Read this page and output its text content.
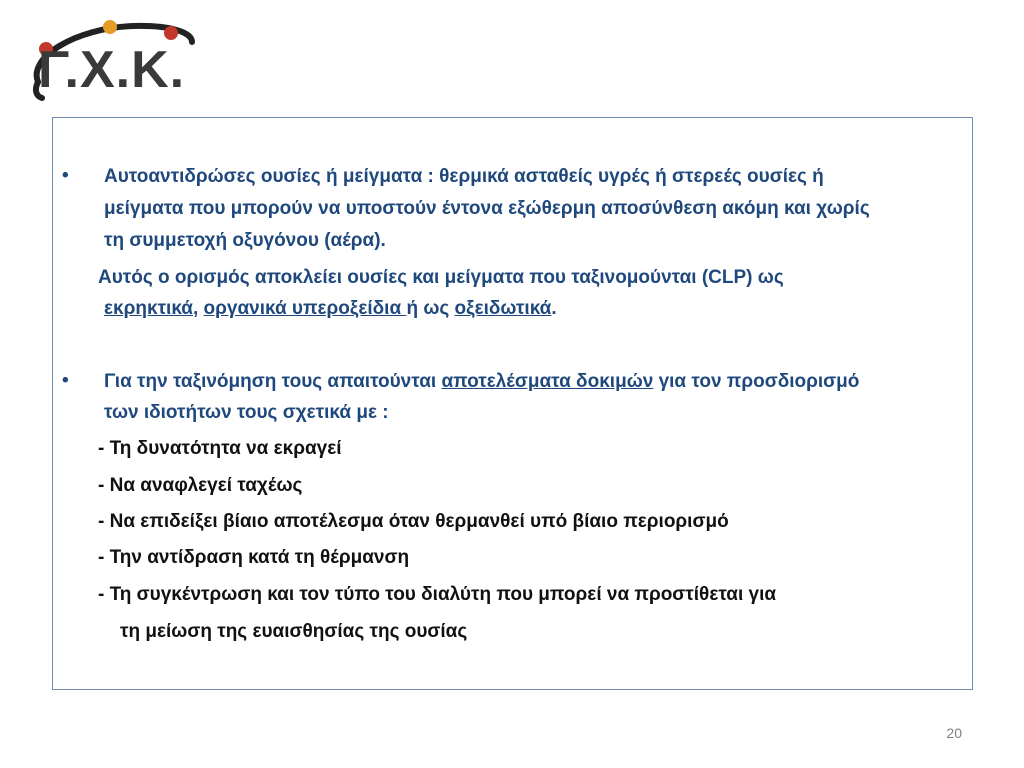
Γ.Χ.Κ.
• Αυτοαντιδρώσες ουσίες ή μείγματα : θερμικά ασταθείς υγρές ή στερεές ουσίες ή
μείγματα που μπορούν να υποστούν έντονα εξώθερμη αποσύνθεση ακόμη και χωρίς
τη συμμετοχή οξυγόνου (αέρα).
Αυτός ο ορισμός αποκλείει ουσίες και μείγματα που ταξινομούνται (CLP) ως
εκρηκτικά, οργανικά υπεροξείδια ή ως οξειδωτικά.
• Για την ταξινόμηση τους απαιτούνται αποτελέσματα δοκιμών για τον προσδιορισμό
των ιδιοτήτων τους σχετικά με :
- Τη δυνατότητα να εκραγεί
- Να αναφλεγεί ταχέως
- Να επιδείξει βίαιο αποτέλεσμα όταν θερμανθεί υπό βίαιο περιορισμό
- Την αντίδραση κατά τη θέρμανση
- Τη συγκέντρωση και τον τύπο του διαλύτη που μπορεί να προστίθεται για
τη μείωση της ευαισθησίας της ουσίας
20
